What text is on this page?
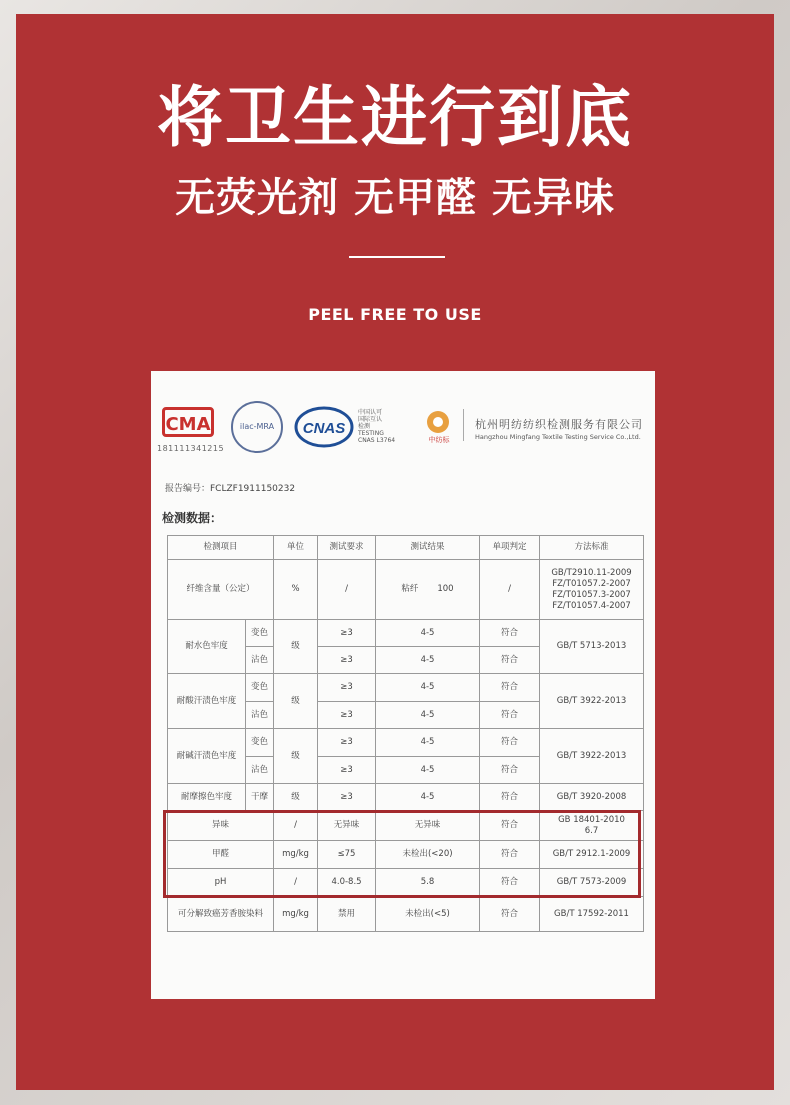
将卫生进行到底
无荧光剂 无甲醛 无异味
PEEL FREE TO USE
CMA
181111341215
ilac-MRA	CNAS
中国认可
国际互认
检测
TESTING
CNAS L3764	中纺标
杭州明纺纺织检测服务有限公司
Hangzhou Mingfang Textile Testing Service Co.,Ltd.
报告编号：FCLZF1911150232
检测数据：
检测项目		单位	测试要求	测试结果	单项判定	方法标准
纤维含量（公定）		%	/	粘纤 100	/	GB/T2910.11-2009
FZ/T01057.2-2007
FZ/T01057.3-2007
FZ/T01057.4-2007

耐水色牢度	变色	级	≥3	4-5	符合	GB/T 5713-2013
	沾色		≥3	4-5	符合	
耐酸汗渍色牢度	变色	级	≥3	4-5	符合	GB/T 3922-2013
	沾色		≥3	4-5	符合	
耐碱汗渍色牢度	变色	级	≥3	4-5	符合	GB/T 3922-2013
	沾色		≥3	4-5	符合	
耐摩擦色牢度	干摩	级	≥3	4-5	符合	GB/T 3920-2008
异味		/	无异味	无异味	符合	GB 18401-2010
6.7

甲醛		mg/kg	≤75	未检出(<20)	符合	GB/T 2912.1-2009
pH		/	4.0-8.5	5.8	符合	GB/T 7573-2009
可分解致癌芳香胺染料		mg/kg	禁用	未检出(<5)	符合	GB/T 17592-2011
